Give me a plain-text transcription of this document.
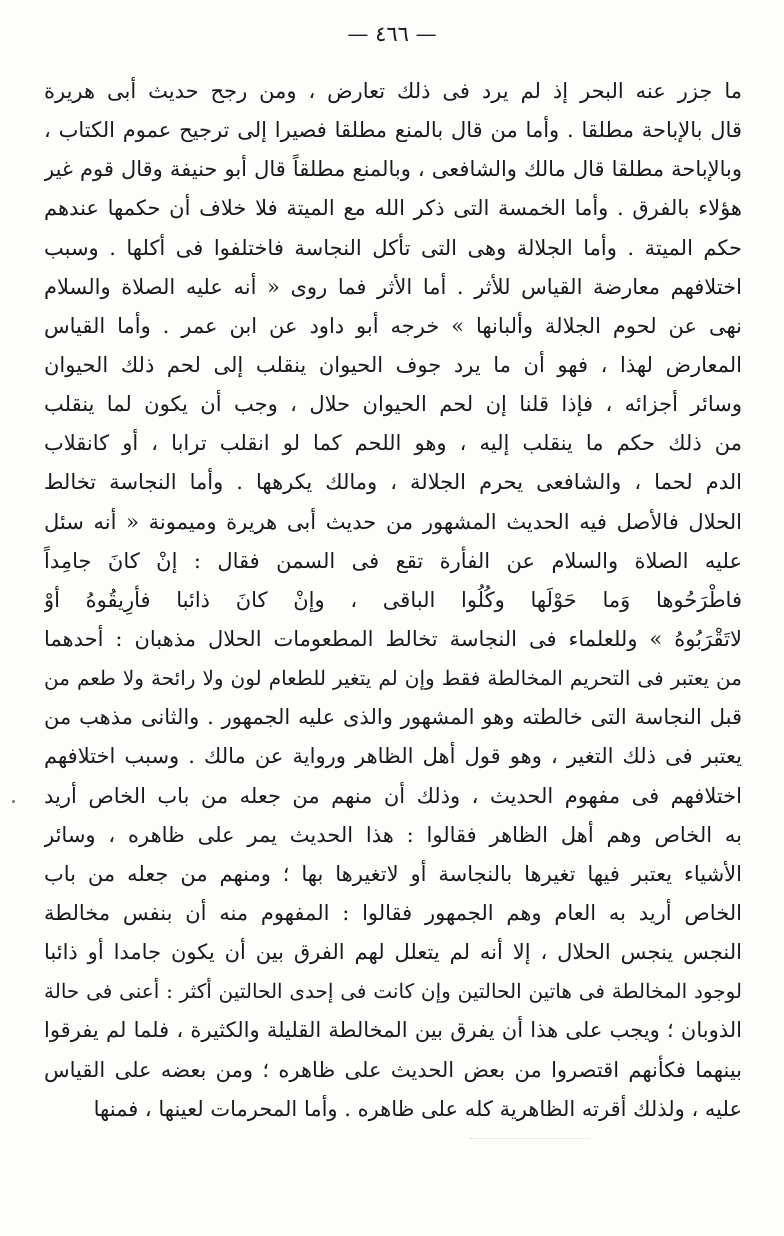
— ٤٦٦ —
ما جزر عنه البحر إذ لم يرد فى ذلك تعارض ، ومن رجح حديث أبى هريرة
قال بالإباحة مطلقا . وأما من قال بالمنع مطلقا فصيرا إلى ترجيح عموم الكتاب ،
وبالإباحة مطلقا قال مالك والشافعى ، وبالمنع مطلقاً قال أبو حنيفة وقال قوم غير
هؤلاء بالفرق . وأما الخمسة التى ذكر الله مع الميتة فلا خلاف أن حكمها عندهم
حكم الميتة . وأما الجلالة وهى التى تأكل النجاسة فاختلفوا فى أكلها . وسبب
اختلافهم معارضة القياس للأثر . أما الأثر فما روى « أنه عليه الصلاة والسلام
نهى عن لحوم الجلالة وألبانها » خرجه أبو داود عن ابن عمر . وأما القياس
المعارض لهذا ، فهو أن ما يرد جوف الحيوان ينقلب إلى لحم ذلك الحيوان
وسائر أجزائه ، فإذا قلنا إن لحم الحيوان حلال ، وجب أن يكون لما ينقلب
من ذلك حكم ما ينقلب إليه ، وهو اللحم كما لو انقلب ترابا ، أو كانقلاب
الدم لحما ، والشافعى يحرم الجلالة ، ومالك يكرهها . وأما النجاسة تخالط
الحلال فالأصل فيه الحديث المشهور من حديث أبى هريرة وميمونة « أنه سئل
عليه الصلاة والسلام عن الفأرة تقع فى السمن فقال : إنْ كانَ جامِداً
فاطْرَحُوها وَما حَوْلَها وكُلُوا الباقى ، وإنْ كانَ ذائبا فأرِيقُوهُ أوْ
لاتَقْرَبُوهُ » وللعلماء فى النجاسة تخالط المطعومات الحلال مذهبان : أحدهما
من يعتبر فى التحريم المخالطة فقط وإن لم يتغير للطعام لون ولا رائحة ولا طعم من
قبل النجاسة التى خالطته وهو المشهور والذى عليه الجمهور . والثانى مذهب من
يعتبر فى ذلك التغير ، وهو قول أهل الظاهر ورواية عن مالك . وسبب اختلافهم
اختلافهم فى مفهوم الحديث ، وذلك أن منهم من جعله من باب الخاص أريد
به الخاص وهم أهل الظاهر فقالوا : هذا الحديث يمر على ظاهره ، وسائر
الأشياء يعتبر فيها تغيرها بالنجاسة أو لاتغيرها بها ؛ ومنهم من جعله من باب
الخاص أريد به العام وهم الجمهور فقالوا : المفهوم منه أن بنفس مخالطة
النجس ينجس الحلال ، إلا أنه لم يتعلل لهم الفرق بين أن يكون جامدا أو ذائبا
لوجود المخالطة فى هاتين الحالتين وإن كانت فى إحدى الحالتين أكثر : أعنى فى حالة
الذوبان ؛ ويجب على هذا أن يفرق بين المخالطة القليلة والكثيرة ، فلما لم يفرقوا
بينهما فكأنهم اقتصروا من بعض الحديث على ظاهره ؛ ومن بعضه على القياس
عليه ، ولذلك أقرته الظاهرية كله على ظاهره . وأما المحرمات لعينها ، فمنها
